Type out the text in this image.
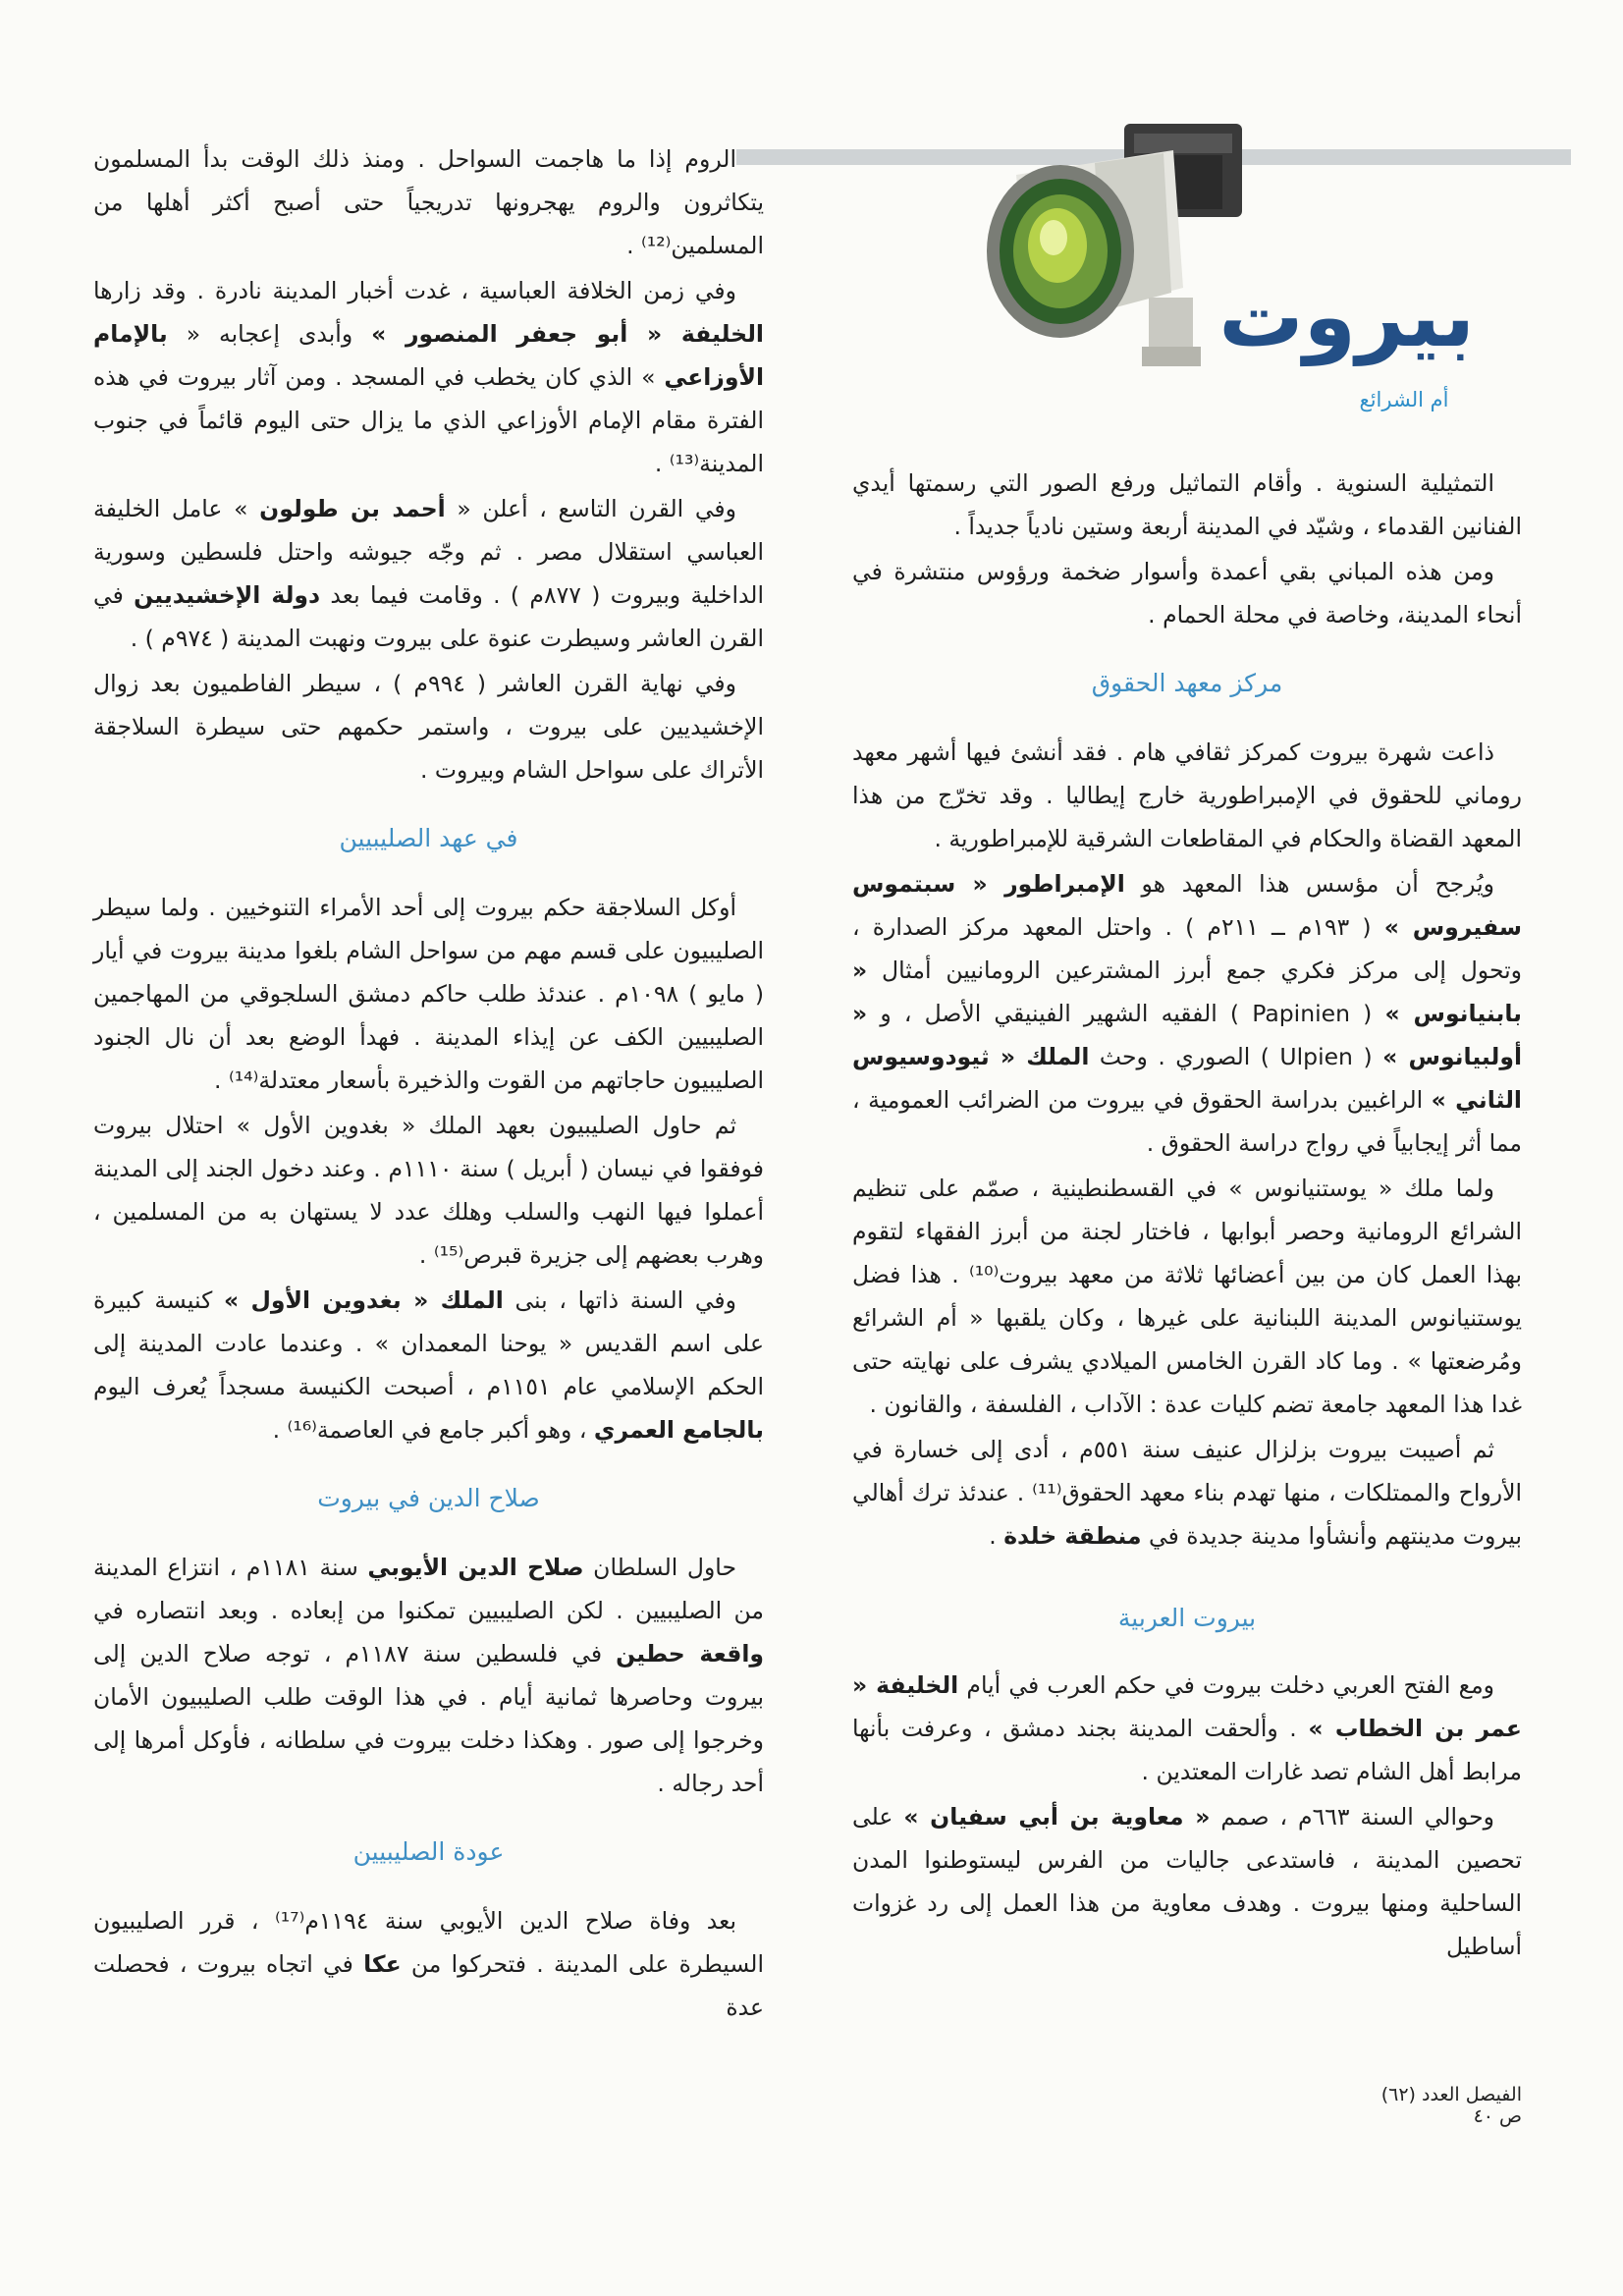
بيروت
أم الشرائع

التمثيلية السنوية . وأقام التماثيل ورفع الصور التي رسمتها أيدي الفنانين القدماء ، وشيّد في المدينة أربعة وستين نادياً جديداً .

ومن هذه المباني بقي أعمدة وأسوار ضخمة ورؤوس منتشرة في أنحاء المدينة، وخاصة في محلة الحمام .

مركز معهد الحقوق

ذاعت شهرة بيروت كمركز ثقافي هام . فقد أنشئ فيها أشهر معهد روماني للحقوق في الإمبراطورية خارج إيطاليا . وقد تخرّج من هذا المعهد القضاة والحكام في المقاطعات الشرقية للإمبراطورية .

ويُرجح أن مؤسس هذا المعهد هو الإمبراطور « سبتموس سفيروس » ( ١٩٣م ــ ٢١١م ) . واحتل المعهد مركز الصدارة ، وتحول إلى مركز فكري جمع أبرز المشترعين الرومانيين أمثال « بابنيانوس » ( Papinien ) الفقيه الشهير الفينيقي الأصل ، و « أولبيانوس » ( Ulpien ) الصوري . وحث الملك « ثيودوسيوس الثاني » الراغبين بدراسة الحقوق في بيروت من الضرائب العمومية ، مما أثر إيجابياً في رواج دراسة الحقوق .

ولما ملك « يوستنيانوس » في القسطنطينية ، صمّم على تنظيم الشرائع الرومانية وحصر أبوابها ، فاختار لجنة من أبرز الفقهاء لتقوم بهذا العمل كان من بين أعضائها ثلاثة من معهد بيروت⁽¹⁰⁾ . هذا فضل يوستنيانوس المدينة اللبنانية على غيرها ، وكان يلقبها « أم الشرائع ومُرضعتها » . وما كاد القرن الخامس الميلادي يشرف على نهايته حتى غدا هذا المعهد جامعة تضم كليات عدة : الآداب ، الفلسفة ، والقانون .

ثم أصيبت بيروت بزلزال عنيف سنة ٥٥١م ، أدى إلى خسارة في الأرواح والممتلكات ، منها تهدم بناء معهد الحقوق⁽¹¹⁾ . عندئذ ترك أهالي بيروت مدينتهم وأنشأوا مدينة جديدة في منطقة خلدة .

بيروت العربية

ومع الفتح العربي دخلت بيروت في حكم العرب في أيام الخليفة « عمر بن الخطاب » . وألحقت المدينة بجند دمشق ، وعرفت بأنها مرابط أهل الشام تصد غارات المعتدين .

وحوالي السنة ٦٦٣م ، صمم « معاوية بن أبي سفيان » على تحصين المدينة ، فاستدعى جاليات من الفرس ليستوطنوا المدن الساحلية ومنها بيروت . وهدف معاوية من هذا العمل إلى رد غزوات أساطيل

الروم إذا ما هاجمت السواحل . ومنذ ذلك الوقت بدأ المسلمون يتكاثرون والروم يهجرونها تدريجياً حتى أصبح أكثر أهلها من المسلمين⁽¹²⁾ .

وفي زمن الخلافة العباسية ، غدت أخبار المدينة نادرة . وقد زارها الخليفة « أبو جعفر المنصور » وأبدى إعجابه « بالإمام الأوزاعي » الذي كان يخطب في المسجد . ومن آثار بيروت في هذه الفترة مقام الإمام الأوزاعي الذي ما يزال حتى اليوم قائماً في جنوب المدينة⁽¹³⁾ .

وفي القرن التاسع ، أعلن « أحمد بن طولون » عامل الخليفة العباسي استقلال مصر . ثم وجّه جيوشه واحتل فلسطين وسورية الداخلية وبيروت ( ٨٧٧م ) . وقامت فيما بعد دولة الإخشيديين في القرن العاشر وسيطرت عنوة على بيروت ونهبت المدينة ( ٩٧٤م ) .

وفي نهاية القرن العاشر ( ٩٩٤م ) ، سيطر الفاطميون بعد زوال الإخشيديين على بيروت ، واستمر حكمهم حتى سيطرة السلاجقة الأتراك على سواحل الشام وبيروت .

في عهد الصليبيين

أوكل السلاجقة حكم بيروت إلى أحد الأمراء التنوخيين . ولما سيطر الصليبيون على قسم مهم من سواحل الشام بلغوا مدينة بيروت في أيار ( مايو ) ١٠٩٨م . عندئذ طلب حاكم دمشق السلجوقي من المهاجمين الصليبيين الكف عن إيذاء المدينة . فهدأ الوضع بعد أن نال الجنود الصليبيون حاجاتهم من القوت والذخيرة بأسعار معتدلة⁽¹⁴⁾ .

ثم حاول الصليبيون بعهد الملك « بغدوين الأول » احتلال بيروت فوفقوا في نيسان ( أبريل ) سنة ١١١٠م . وعند دخول الجند إلى المدينة أعملوا فيها النهب والسلب وهلك عدد لا يستهان به من المسلمين ، وهرب بعضهم إلى جزيرة قبرص⁽¹⁵⁾ .

وفي السنة ذاتها ، بنى الملك « بغدوين الأول » كنيسة كبيرة على اسم القديس « يوحنا المعمدان » . وعندما عادت المدينة إلى الحكم الإسلامي عام ١١٥١م ، أصبحت الكنيسة مسجداً يُعرف اليوم بالجامع العمري ، وهو أكبر جامع في العاصمة⁽¹⁶⁾ .

صلاح الدين في بيروت

حاول السلطان صلاح الدين الأيوبي سنة ١١٨١م ، انتزاع المدينة من الصليبيين . لكن الصليبيين تمكنوا من إبعاده . وبعد انتصاره في واقعة حطين في فلسطين سنة ١١٨٧م ، توجه صلاح الدين إلى بيروت وحاصرها ثمانية أيام . في هذا الوقت طلب الصليبيون الأمان وخرجوا إلى صور . وهكذا دخلت بيروت في سلطانه ، فأوكل أمرها إلى أحد رجاله .

عودة الصليبيين

بعد وفاة صلاح الدين الأيوبي سنة ١١٩٤م⁽¹⁷⁾ ، قرر الصليبيون السيطرة على المدينة . فتحركوا من عكا في اتجاه بيروت ، فحصلت عدة

الفيصل العدد (٦٢) ص ٤٠
